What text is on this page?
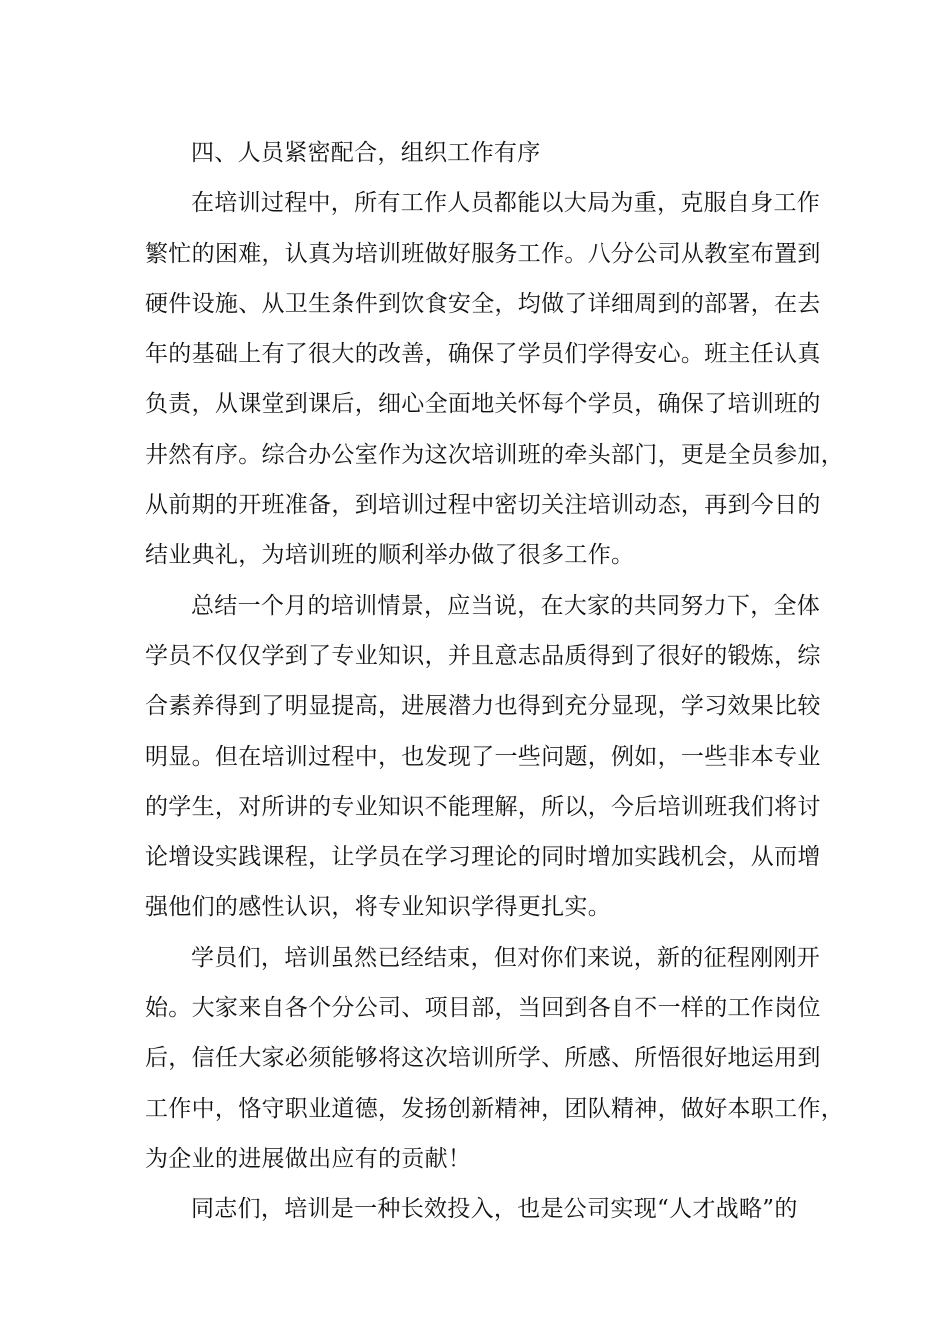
四、人员紧密配合，组织工作有序
在培训过程中，所有工作人员都能以大局为重，克服自身工作
繁忙的困难，认真为培训班做好服务工作。八分公司从教室布置到
硬件设施、从卫生条件到饮食安全，均做了详细周到的部署，在去
年的基础上有了很大的改善，确保了学员们学得安心。班主任认真
负责，从课堂到课后，细心全面地关怀每个学员，确保了培训班的
井然有序。综合办公室作为这次培训班的牵头部门，更是全员参加，
从前期的开班准备，到培训过程中密切关注培训动态，再到今日的
结业典礼，为培训班的顺利举办做了很多工作。
总结一个月的培训情景，应当说，在大家的共同努力下，全体
学员不仅仅学到了专业知识，并且意志品质得到了很好的锻炼，综
合素养得到了明显提高，进展潜力也得到充分显现，学习效果比较
明显。但在培训过程中，也发现了一些问题，例如，一些非本专业
的学生，对所讲的专业知识不能理解，所以，今后培训班我们将讨
论增设实践课程，让学员在学习理论的同时增加实践机会，从而增
强他们的感性认识，将专业知识学得更扎实。
学员们，培训虽然已经结束，但对你们来说，新的征程刚刚开
始。大家来自各个分公司、项目部，当回到各自不一样的工作岗位
后，信任大家必须能够将这次培训所学、所感、所悟很好地运用到
工作中，恪守职业道德，发扬创新精神，团队精神，做好本职工作，
为企业的进展做出应有的贡献！
同志们，培训是一种长效投入，也是公司实现“人才战略”的
